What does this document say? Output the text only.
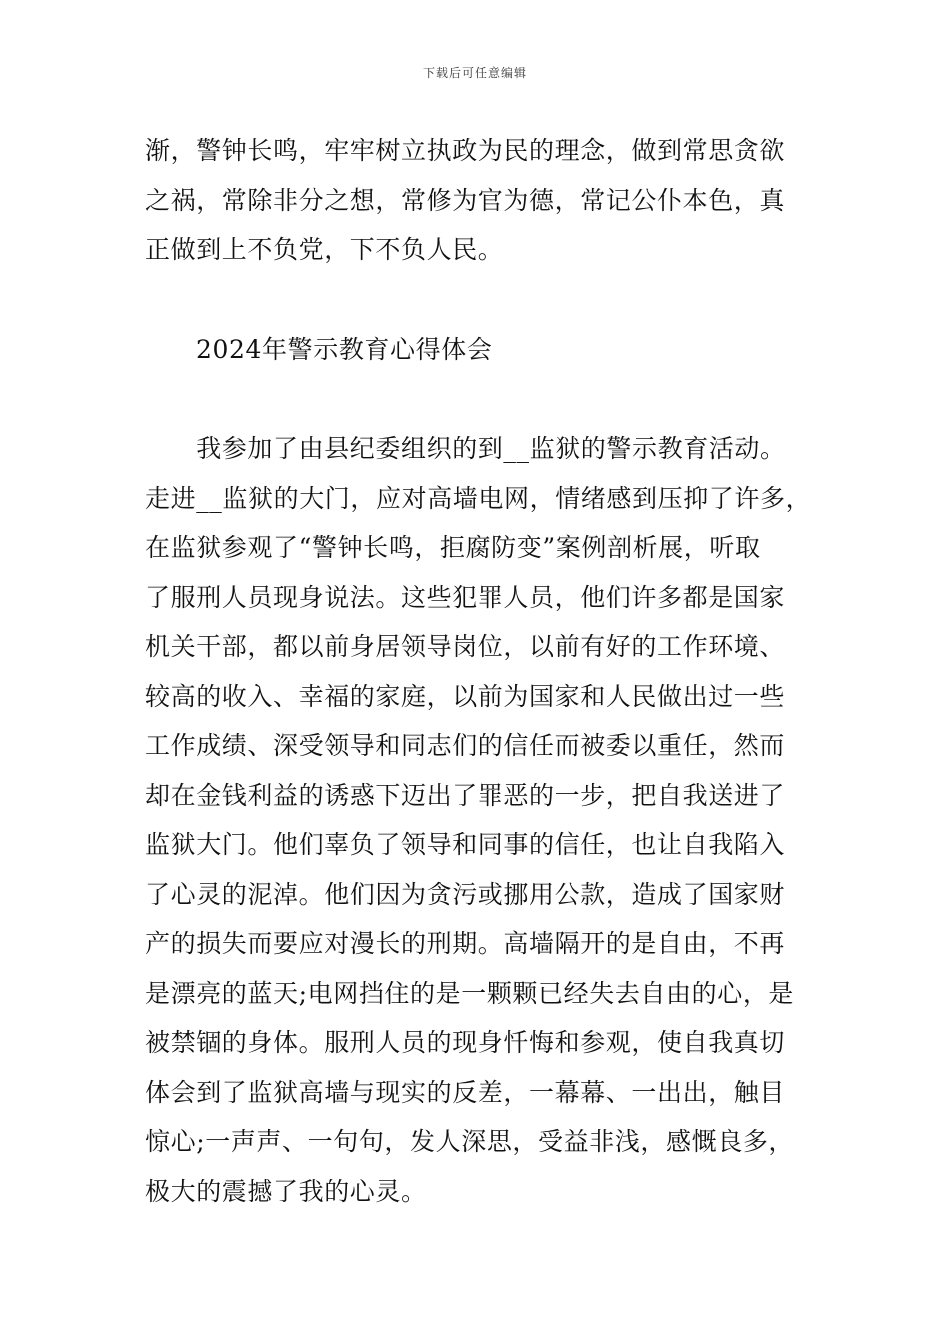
下载后可任意编辑

渐，警钟长鸣，牢牢树立执政为民的理念，做到常思贪欲
之祸，常除非分之想，常修为官为德，常记公仆本色，真
正做到上不负党，下不负人民。

2024年警示教育心得体会

　　我参加了由县纪委组织的到__监狱的警示教育活动。
走进__监狱的大门，应对高墙电网，情绪感到压抑了许多，
在监狱参观了“警钟长鸣，拒腐防变”案例剖析展，听取
了服刑人员现身说法。这些犯罪人员，他们许多都是国家
机关干部，都以前身居领导岗位，以前有好的工作环境、
较高的收入、幸福的家庭，以前为国家和人民做出过一些
工作成绩、深受领导和同志们的信任而被委以重任，然而
却在金钱利益的诱惑下迈出了罪恶的一步，把自我送进了
监狱大门。他们辜负了领导和同事的信任，也让自我陷入
了心灵的泥淖。他们因为贪污或挪用公款，造成了国家财
产的损失而要应对漫长的刑期。高墙隔开的是自由，不再
是漂亮的蓝天;电网挡住的是一颗颗已经失去自由的心，是
被禁锢的身体。服刑人员的现身忏悔和参观，使自我真切
体会到了监狱高墙与现实的反差，一幕幕、一出出，触目
惊心;一声声、一句句，发人深思，受益非浅，感慨良多，
极大的震撼了我的心灵。
